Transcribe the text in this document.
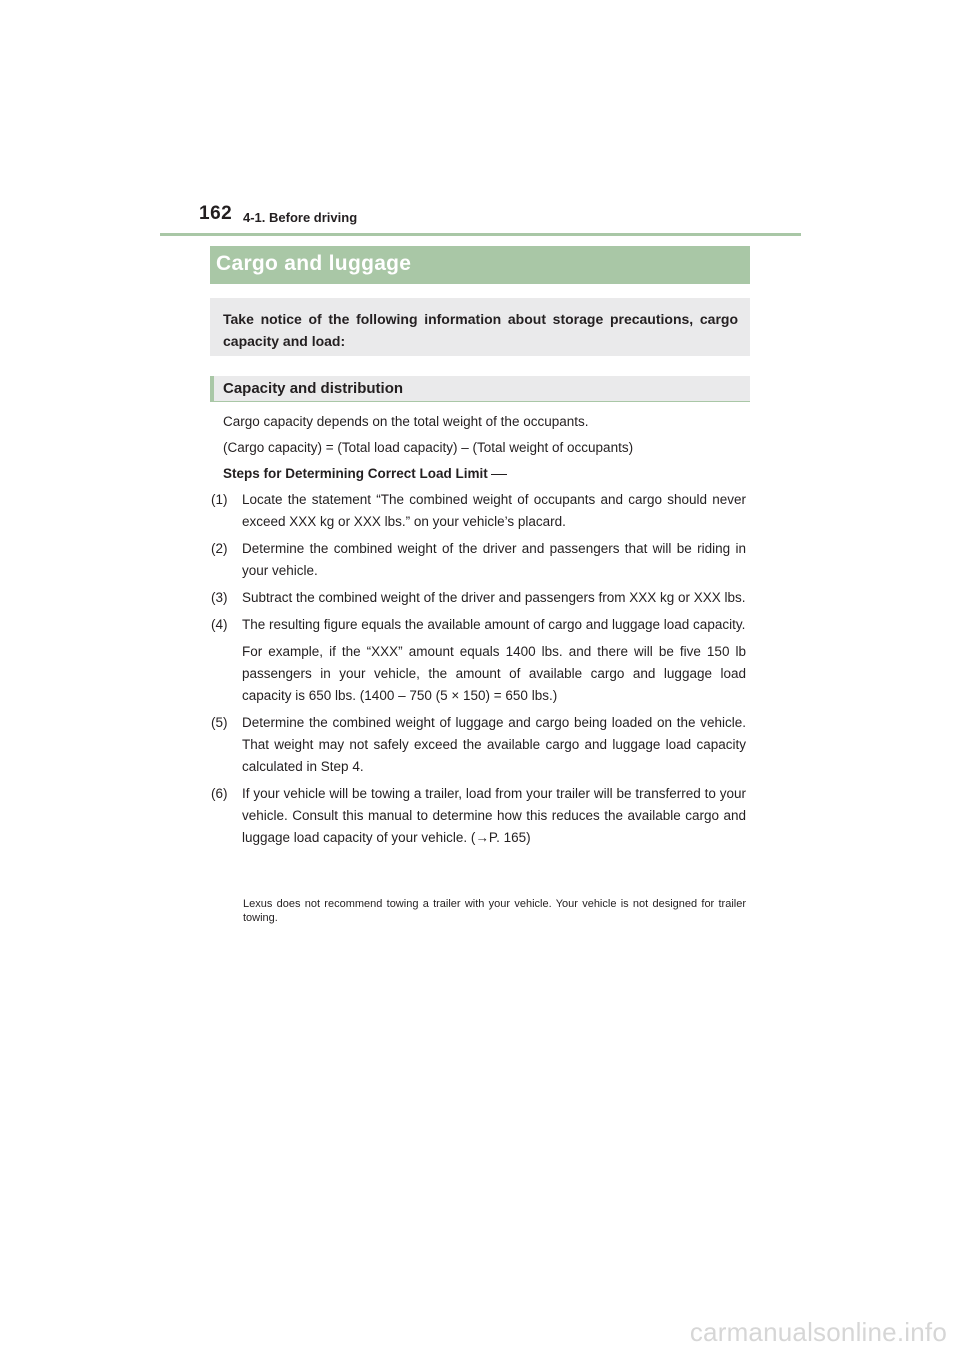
162 4-1. Before driving
Cargo and luggage
Take notice of the following information about storage precautions, cargo capacity and load:
Capacity and distribution

Cargo capacity depends on the total weight of the occupants.

(Cargo capacity) = (Total load capacity) – (Total weight of occupants)

Steps for Determining Correct Load Limit

(1) Locate the statement “The combined weight of occupants and cargo should never exceed XXX kg or XXX lbs.” on your vehicle’s placard.
(2) Determine the combined weight of the driver and passengers that will be riding in your vehicle.
(3) Subtract the combined weight of the driver and passengers from XXX kg or XXX lbs.
(4) The resulting figure equals the available amount of cargo and luggage load capacity.
For example, if the “XXX” amount equals 1400 lbs. and there will be five 150 lb passengers in your vehicle, the amount of available cargo and luggage load capacity is 650 lbs. (1400 – 750 (5 × 150) = 650 lbs.)
(5) Determine the combined weight of luggage and cargo being loaded on the vehicle. That weight may not safely exceed the available cargo and luggage load capacity calculated in Step 4.
(6) If your vehicle will be towing a trailer, load from your trailer will be transferred to your vehicle. Consult this manual to determine how this reduces the available cargo and luggage load capacity of your vehicle. (→P. 165)
Lexus does not recommend towing a trailer with your vehicle. Your vehicle is not designed for trailer towing.
carmanualsonline.info
